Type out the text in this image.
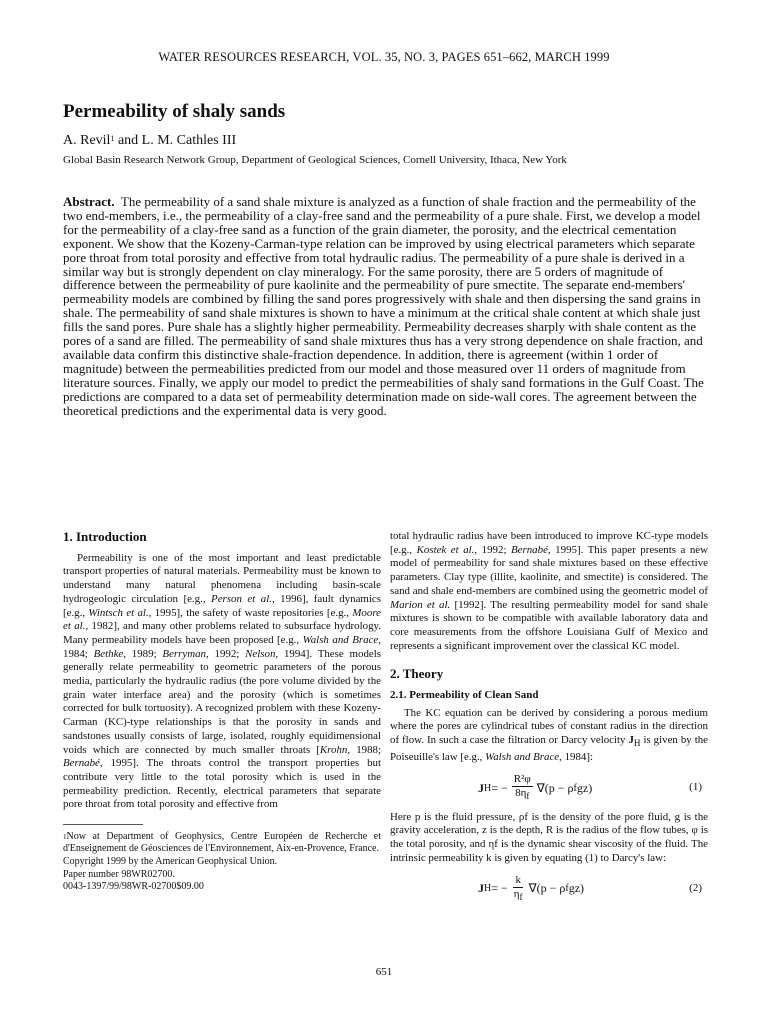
WATER RESOURCES RESEARCH, VOL. 35, NO. 3, PAGES 651–662, MARCH 1999
Permeability of shaly sands
A. Revil$^1$ and L. M. Cathles III
Global Basin Research Network Group, Department of Geological Sciences, Cornell University, Ithaca, New York

Abstract. The permeability of a sand shale mixture is analyzed as a function of shale fraction and the permeability of the two end-members, i.e., the permeability of a clay-free sand and the permeability of a pure shale. First, we develop a model for the permeability of a clay-free sand as a function of the grain diameter, the porosity, and the electrical cementation exponent. We show that the Kozeny-Carman-type relation can be improved by using electrical parameters which separate pore throat from total porosity and effective from total hydraulic radius. The permeability of a pure shale is derived in a similar way but is strongly dependent on clay mineralogy. For the same porosity, there are 5 orders of magnitude of difference between the permeability of pure kaolinite and the permeability of pure smectite. The separate end-members' permeability models are combined by filling the sand pores progressively with shale and then dispersing the sand grains in shale. The permeability of sand shale mixtures is shown to have a minimum at the critical shale content at which shale just fills the sand pores. Pure shale has a slightly higher permeability. Permeability decreases sharply with shale content as the pores of a sand are filled. The permeability of sand shale mixtures thus has a very strong dependence on shale fraction, and available data confirm this distinctive shale-fraction dependence. In addition, there is agreement (within 1 order of magnitude) between the permeabilities predicted from our model and those measured over 11 orders of magnitude from literature sources. Finally, we apply our model to predict the permeabilities of shaly sand formations in the Gulf Coast. The predictions are compared to a data set of permeability determination made on side-wall cores. The agreement between the theoretical predictions and the experimental data is very good.

1. Introduction

Permeability is one of the most important and least predictable transport properties of natural materials. Permeability must be known to understand many natural phenomena including basin-scale hydrogeologic circulation [e.g., Person et al., 1996], fault dynamics [e.g., Wintsch et al., 1995], the safety of waste repositories [e.g., Moore et al., 1982], and many other problems related to subsurface hydrology. Many permeability models have been proposed [e.g., Walsh and Brace, 1984; Bethke, 1989; Berryman, 1992; Nelson, 1994]. These models generally relate permeability to geometric parameters of the porous media, particularly the hydraulic radius (the pore volume divided by the grain water interface area) and the porosity (which is sometimes corrected for bulk tortuosity). A recognized problem with these Kozeny-Carman (KC)-type relationships is that the porosity in sands and sandstones usually consists of large, isolated, roughly equidimensional voids which are connected by much smaller throats [Krohn, 1988; Bernabé, 1995]. The throats control the transport properties but contribute very little to the total porosity which is used in the permeability prediction. Recently, electrical parameters that separate pore throat from total porosity and effective from

$^1$Now at Department of Geophysics, Centre Européen de Recherche et d'Enseignement de Géosciences de l'Environnement, Aix-en-Provence, France.

Copyright 1999 by the American Geophysical Union.

Paper number 98WR02700.
0043-1397/99/98WR-02700$09.00

total hydraulic radius have been introduced to improve KC-type models [e.g., Kostek et al., 1992; Bernabé, 1995]. This paper presents a new model of permeability for sand shale mixtures based on these effective parameters. Clay type (illite, kaolinite, and smectite) is considered. The sand and shale end-members are combined using the geometric model of Marion et al. [1992]. The resulting permeability model for sand shale mixtures is shown to be compatible with available laboratory data and core measurements from the offshore Louisiana Gulf of Mexico and represents a significant improvement over the classical KC model.

2. Theory
2.1. Permeability of Clean Sand

The KC equation can be derived by considering a porous medium where the pores are cylindrical tubes of constant radius in the direction of flow. In such a case the filtration or Darcy velocity $J_H$ is given by the Poiseuille's law [e.g., Walsh and Brace, 1984]:

J H = − $\frac{\text{R²φ}}{8\eta_f} \nabla(p - \rho$ f gz)	(1)

Here p is the fluid pressure, ρf is the density of the pore fluid, g is the gravity acceleration, z is the depth, R is the radius of the flow tubes, φ is the total porosity, and ηf is the dynamic shear viscosity of the fluid. The intrinsic permeability k is given by equating (1) to Darcy's law:

J H = − $\frac{k}{\eta_f} \nabla(p - \rho$ f gz)	(2)
651
